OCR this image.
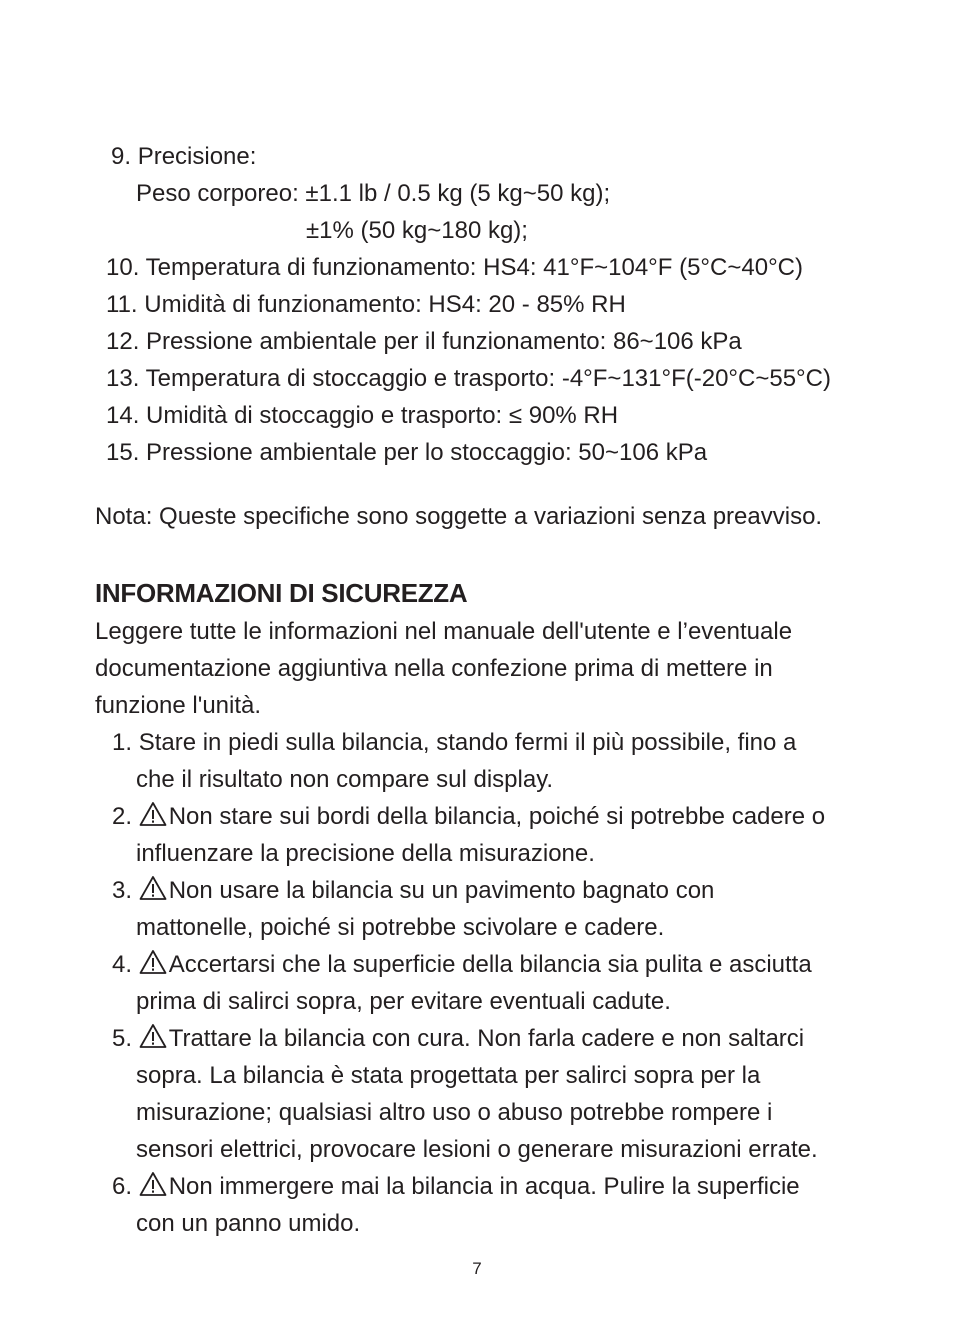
9. Precisione:
Peso corporeo: ±1.1 lb / 0.5 kg (5 kg~50 kg);
±1% (50 kg~180 kg);
10. Temperatura di funzionamento: HS4: 41°F~104°F (5°C~40°C)
11. Umidità di funzionamento: HS4: 20 - 85% RH
12. Pressione ambientale per il funzionamento: 86~106 kPa
13. Temperatura di stoccaggio e trasporto: -4°F~131°F(-20°C~55°C)
14. Umidità di stoccaggio e trasporto: ≤ 90% RH
15. Pressione ambientale per lo stoccaggio: 50~106 kPa
Nota: Queste specifiche sono soggette a variazioni senza preavviso.
INFORMAZIONI DI SICUREZZA
Leggere tutte le informazioni nel manuale dell'utente e l’eventuale
documentazione aggiuntiva nella confezione prima di mettere in
funzione l'unità.
1. Stare in piedi sulla bilancia, stando fermi il più possibile, fino a
che il risultato non compare sul display.
2. Non stare sui bordi della bilancia, poiché si potrebbe cadere o
influenzare la precisione della misurazione.
3. Non usare la bilancia su un pavimento bagnato con
mattonelle, poiché si potrebbe scivolare e cadere.
4. Accertarsi che la superficie della bilancia sia pulita e asciutta
prima di salirci sopra, per evitare eventuali cadute.
5. Trattare la bilancia con cura. Non farla cadere e non saltarci
sopra. La bilancia è stata progettata per salirci sopra per la
misurazione; qualsiasi altro uso o abuso potrebbe rompere i
sensori elettrici, provocare lesioni o generare misurazioni errate.
6. Non immergere mai la bilancia in acqua. Pulire la superficie
con un panno umido.
7
